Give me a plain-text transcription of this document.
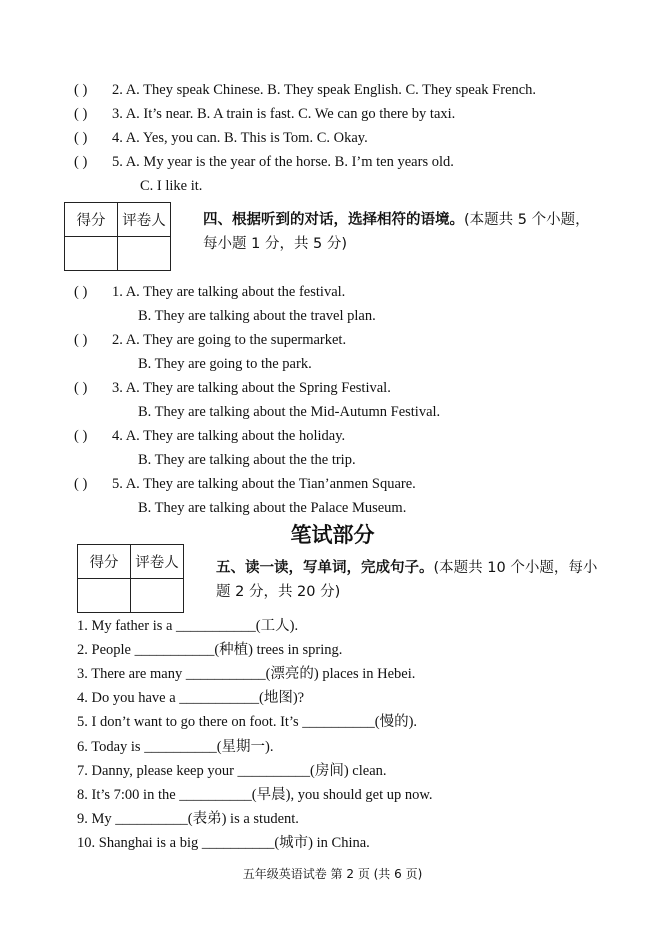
( ) 2. A. They speak Chinese. B. They speak English. C. They speak French.
( ) 3. A. It’s near. B. A train is fast. C. We can go there by taxi.
( ) 4. A. Yes, you can. B. This is Tom. C. Okay.
( ) 5. A. My year is the year of the horse. B. I’m ten years old.
C. I like it.
得分	评卷人
		四、根据听到的对话，选择相符的语境。(本题共 5 个小题，每小题 1 分，共 5 分)
( ) 1. A. They are talking about the festival.
B. They are talking about the travel plan.
( ) 2. A. They are going to the supermarket.
B. They are going to the park.
( ) 3. A. They are talking about the Spring Festival.
B. They are talking about the Mid-Autumn Festival.
( ) 4. A. They are talking about the holiday.
B. They are talking about the the trip.
( ) 5. A. They are talking about the Tian’anmen Square.
B. They are talking about the Palace Museum.
笔试部分
得分	评卷人
		五、读一读，写单词，完成句子。(本题共 10 个小题，每小题 2 分，共 20 分)
1. My father is a ___________(工人).
2. People ___________(种植) trees in spring.
3. There are many ___________(漂亮的) places in Hebei.
4. Do you have a ___________(地图)?
5. I don’t want to go there on foot. It’s __________(慢的).
6. Today is __________(星期一).
7. Danny, please keep your __________(房间) clean.
8. It’s 7:00 in the __________(早晨), you should get up now.
9. My __________(表弟) is a student.
10. Shanghai is a big __________(城市) in China.
五年级英语试卷 第 2 页 (共 6 页)
